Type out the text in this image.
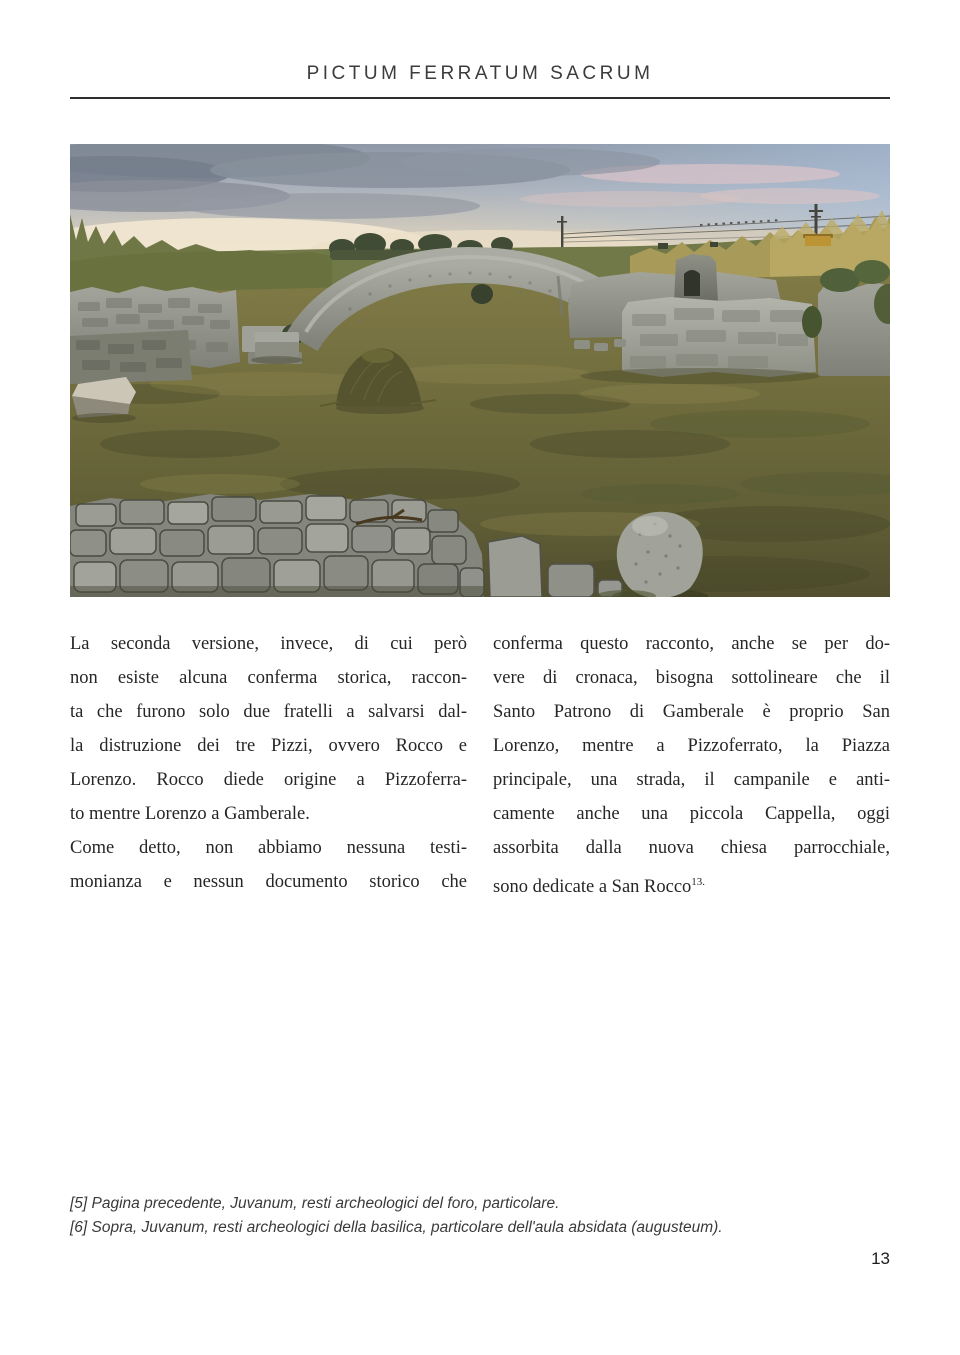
PICTUM FERRATUM SACRUM
La seconda versione, invece, di cui però
non esiste alcuna conferma storica, raccon-
ta che furono solo due fratelli a salvarsi dal-
la distruzione dei tre Pizzi, ovvero Rocco e
Lorenzo. Rocco diede origine a Pizzoferra-
to mentre Lorenzo a Gamberale.
Come detto, non abbiamo nessuna testi-
monianza e nessun documento storico che
conferma questo racconto, anche se per do-
vere di cronaca, bisogna sottolineare che il
Santo Patrono di Gamberale è proprio San
Lorenzo, mentre a Pizzoferrato, la Piazza
principale, una strada, il campanile e anti-
camente anche una piccola Cappella, oggi
assorbita dalla nuova chiesa parrocchiale,
sono dedicate a San Rocco$^{13.}$
[5] Pagina precedente, Juvanum, resti archeologici del foro, particolare.
[6] Sopra, Juvanum, resti archeologici della basilica, particolare dell'aula absidata (augusteum).
13
